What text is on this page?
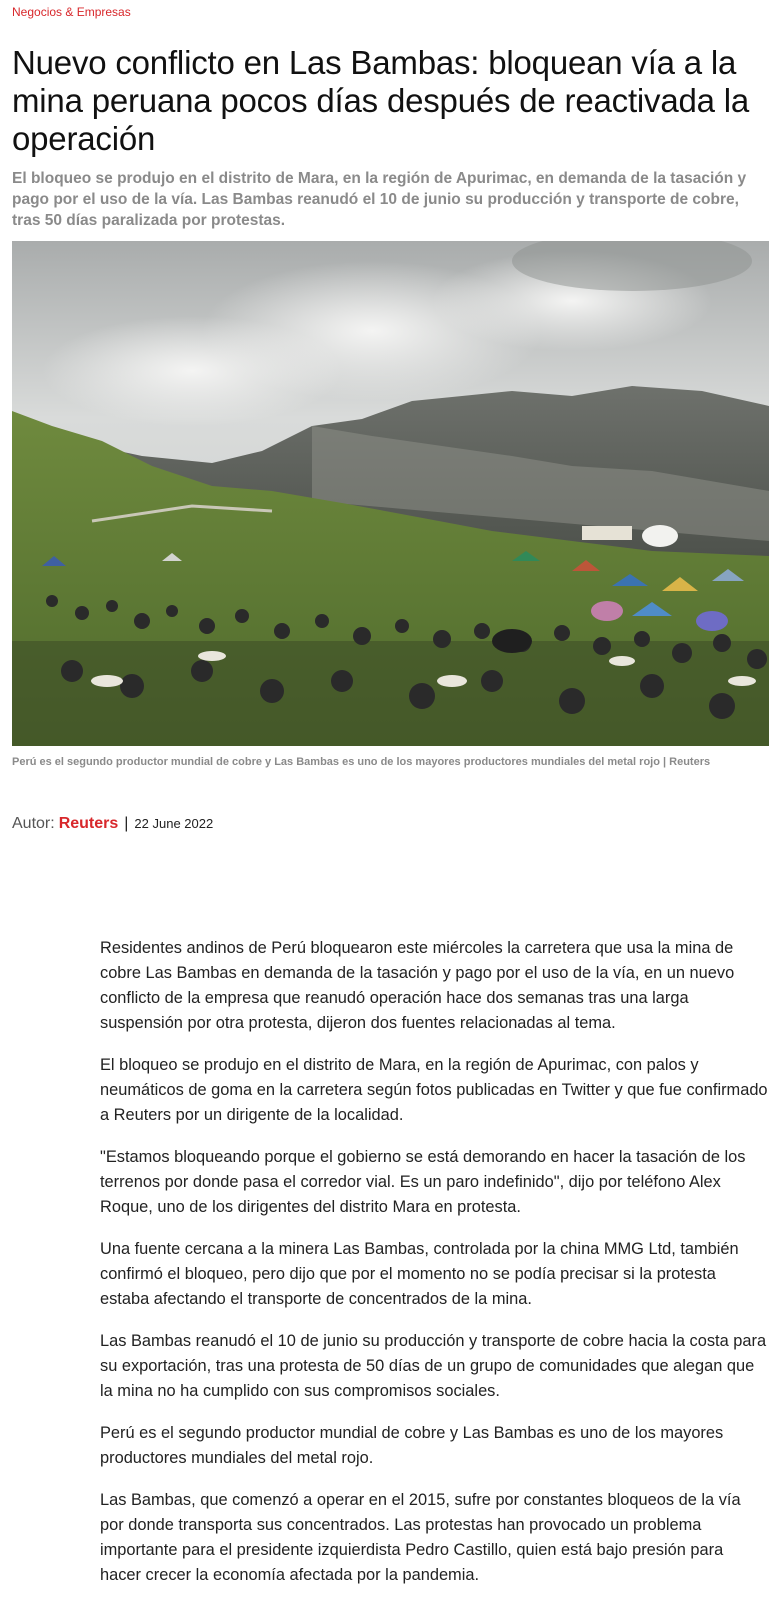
Negocios & Empresas
Nuevo conflicto en Las Bambas: bloquean vía a la mina peruana pocos días después de reactivada la operación

El bloqueo se produjo en el distrito de Mara, en la región de Apurimac, en demanda de la tasación y pago por el uso de la vía. Las Bambas reanudó el 10 de junio su producción y transporte de cobre, tras 50 días paralizada por protestas.

Perú es el segundo productor mundial de cobre y Las Bambas es uno de los mayores productores mundiales del metal rojo | Reuters
Autor: Reuters | 22 June 2022

Residentes andinos de Perú bloquearon este miércoles la carretera que usa la mina de cobre Las Bambas en demanda de la tasación y pago por el uso de la vía, en un nuevo conflicto de la empresa que reanudó operación hace dos semanas tras una larga suspensión por otra protesta, dijeron dos fuentes relacionadas al tema.

El bloqueo se produjo en el distrito de Mara, en la región de Apurimac, con palos y neumáticos de goma en la carretera según fotos publicadas en Twitter y que fue confirmado a Reuters por un dirigente de la localidad.

"Estamos bloqueando porque el gobierno se está demorando en hacer la tasación de los terrenos por donde pasa el corredor vial. Es un paro indefinido", dijo por teléfono Alex Roque, uno de los dirigentes del distrito Mara en protesta.

Una fuente cercana a la minera Las Bambas, controlada por la china MMG Ltd, también confirmó el bloqueo, pero dijo que por el momento no se podía precisar si la protesta estaba afectando el transporte de concentrados de la mina.

Las Bambas reanudó el 10 de junio su producción y transporte de cobre hacia la costa para su exportación, tras una protesta de 50 días de un grupo de comunidades que alegan que la mina no ha cumplido con sus compromisos sociales.

Perú es el segundo productor mundial de cobre y Las Bambas es uno de los mayores productores mundiales del metal rojo.

Las Bambas, que comenzó a operar en el 2015, sufre por constantes bloqueos de la vía por donde transporta sus concentrados. Las protestas han provocado un problema importante para el presidente izquierdista Pedro Castillo, quien está bajo presión para hacer crecer la economía afectada por la pandemia.
